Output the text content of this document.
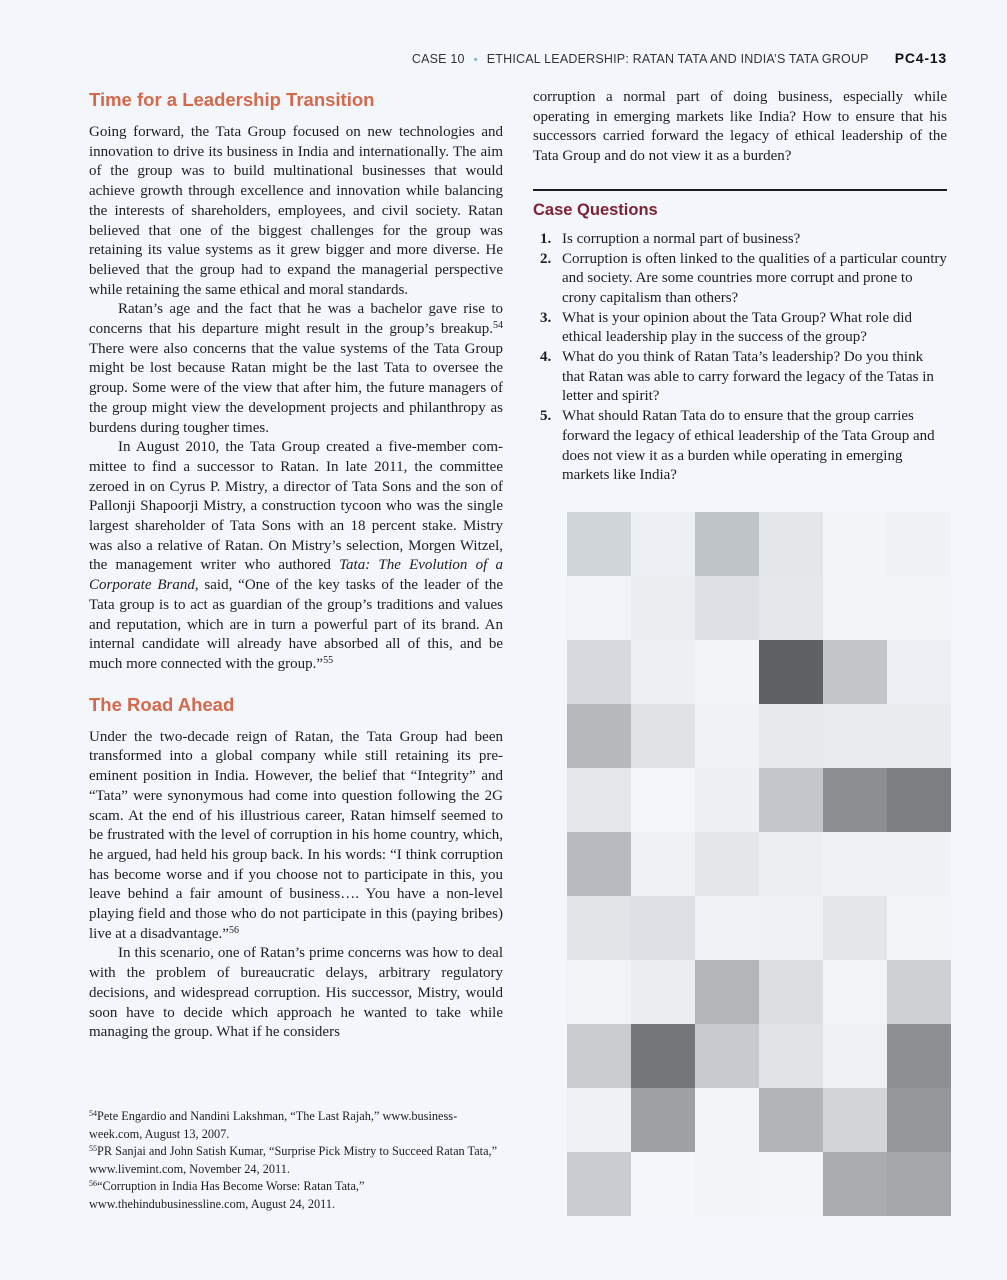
CASE 10 • ETHICAL LEADERSHIP: RATAN TATA AND INDIA’S TATA GROUP PC4-13
Time for a Leadership Transition

Going forward, the Tata Group focused on new technologies and innovation to drive its business in India and internationally. The aim of the group was to build multinational businesses that would achieve growth through excellence and innovation while balancing the interests of shareholders, employees, and civil society. Ratan believed that one of the biggest challenges for the group was retaining its value systems as it grew bigger and more diverse. He believed that the group had to expand the managerial perspective while retaining the same ethical and moral standards.

Ratan’s age and the fact that he was a bachelor gave rise to concerns that his departure might result in the group’s breakup.$^{54}$ There were also concerns that the value systems of the Tata Group might be lost because Ratan might be the last Tata to oversee the group. Some were of the view that after him, the future managers of the group might view the development projects and philanthropy as burdens during tougher times.

In August 2010, the Tata Group created a five-member committee to find a successor to Ratan. In late 2011, the committee zeroed in on Cyrus P. Mistry, a director of Tata Sons and the son of Pallonji Shapoorji Mistry, a construction tycoon who was the single largest shareholder of Tata Sons with an 18 percent stake. Mistry was also a relative of Ratan. On Mistry’s selection, Morgen Witzel, the management writer who authored Tata: The Evolution of a Corporate Brand, said, “One of the key tasks of the leader of the Tata group is to act as guardian of the group’s traditions and values and reputation, which are in turn a powerful part of its brand. An internal candidate will already have absorbed all of this, and be much more connected with the group.”$^{55}$

The Road Ahead

Under the two-decade reign of Ratan, the Tata Group had been transformed into a global company while still retaining its preeminent position in India. However, the belief that “Integrity” and “Tata” were synonymous had come into question following the 2G scam. At the end of his illustrious career, Ratan himself seemed to be frustrated with the level of corruption in his home country, which, he argued, had held his group back. In his words: “I think corruption has become worse and if you choose not to participate in this, you leave behind a fair amount of business…. You have a non-level playing field and those who do not participate in this (paying bribes) live at a disadvantage.”$^{56}$

In this scenario, one of Ratan’s prime concerns was how to deal with the problem of bureaucratic delays, arbitrary regulatory decisions, and widespread corruption. His successor, Mistry, would soon have to decide which approach he wanted to take while managing the group. What if he considers

$^{54}$Pete Engardio and Nandini Lakshman, “The Last Rajah,” www.business-week.com, August 13, 2007.

$^{55}$PR Sanjai and John Satish Kumar, “Surprise Pick Mistry to Succeed Ratan Tata,” www.livemint.com, November 24, 2011.

$^{56}$“Corruption in India Has Become Worse: Ratan Tata,” www.thehindubusinessline.com, August 24, 2011.

corruption a normal part of doing business, especially while operating in emerging markets like India? How to ensure that his successors carried forward the legacy of ethical leadership of the Tata Group and do not view it as a burden?

Case Questions
1. Is corruption a normal part of business?
2. Corruption is often linked to the qualities of a particular country and society. Are some countries more corrupt and prone to crony capitalism than others?
3. What is your opinion about the Tata Group? What role did ethical leadership play in the success of the group?
4. What do you think of Ratan Tata’s leadership? Do you think that Ratan was able to carry forward the legacy of the Tatas in letter and spirit?
5. What should Ratan Tata do to ensure that the group carries forward the legacy of ethical leadership of the Tata Group and does not view it as a burden while operating in emerging markets like India?
